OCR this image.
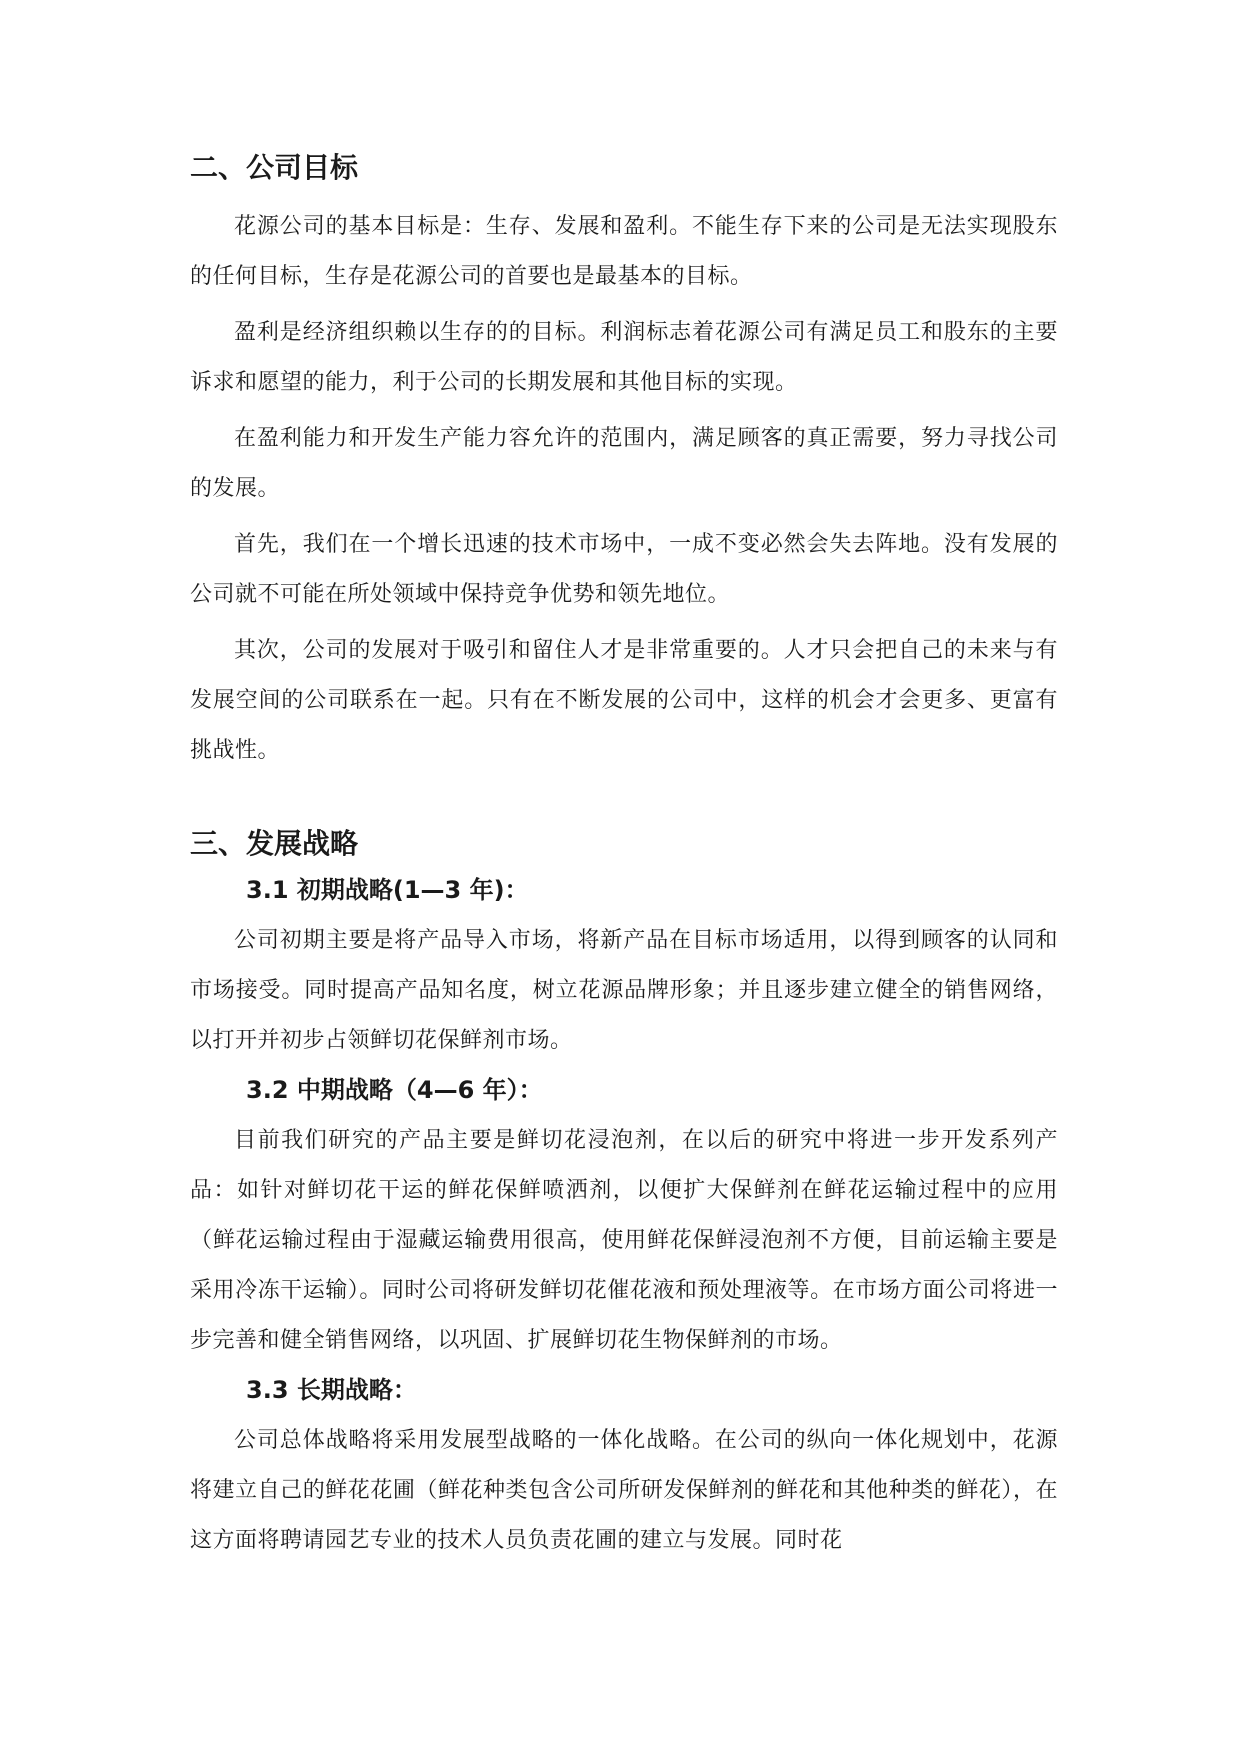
二、公司目标

花源公司的基本目标是：生存、发展和盈利。不能生存下来的公司是无法实现股东的任何目标，生存是花源公司的首要也是最基本的目标。

盈利是经济组织赖以生存的的目标。利润标志着花源公司有满足员工和股东的主要诉求和愿望的能力，利于公司的长期发展和其他目标的实现。

在盈利能力和开发生产能力容允许的范围内，满足顾客的真正需要，努力寻找公司的发展。

首先，我们在一个增长迅速的技术市场中，一成不变必然会失去阵地。没有发展的公司就不可能在所处领域中保持竞争优势和领先地位。

其次，公司的发展对于吸引和留住人才是非常重要的。人才只会把自己的未来与有发展空间的公司联系在一起。只有在不断发展的公司中，这样的机会才会更多、更富有挑战性。

三、发展战略
3.1 初期战略(1—3 年)：

公司初期主要是将产品导入市场，将新产品在目标市场适用，以得到顾客的认同和市场接受。同时提高产品知名度，树立花源品牌形象；并且逐步建立健全的销售网络，以打开并初步占领鲜切花保鲜剂市场。

3.2 中期战略（4—6 年）：

目前我们研究的产品主要是鲜切花浸泡剂，在以后的研究中将进一步开发系列产品：如针对鲜切花干运的鲜花保鲜喷洒剂，以便扩大保鲜剂在鲜花运输过程中的应用（鲜花运输过程由于湿藏运输费用很高，使用鲜花保鲜浸泡剂不方便，目前运输主要是采用冷冻干运输）。同时公司将研发鲜切花催花液和预处理液等。在市场方面公司将进一步完善和健全销售网络，以巩固、扩展鲜切花生物保鲜剂的市场。

3.3 长期战略：

公司总体战略将采用发展型战略的一体化战略。在公司的纵向一体化规划中，花源将建立自己的鲜花花圃（鲜花种类包含公司所研发保鲜剂的鲜花和其他种类的鲜花），在这方面将聘请园艺专业的技术人员负责花圃的建立与发展。同时花
